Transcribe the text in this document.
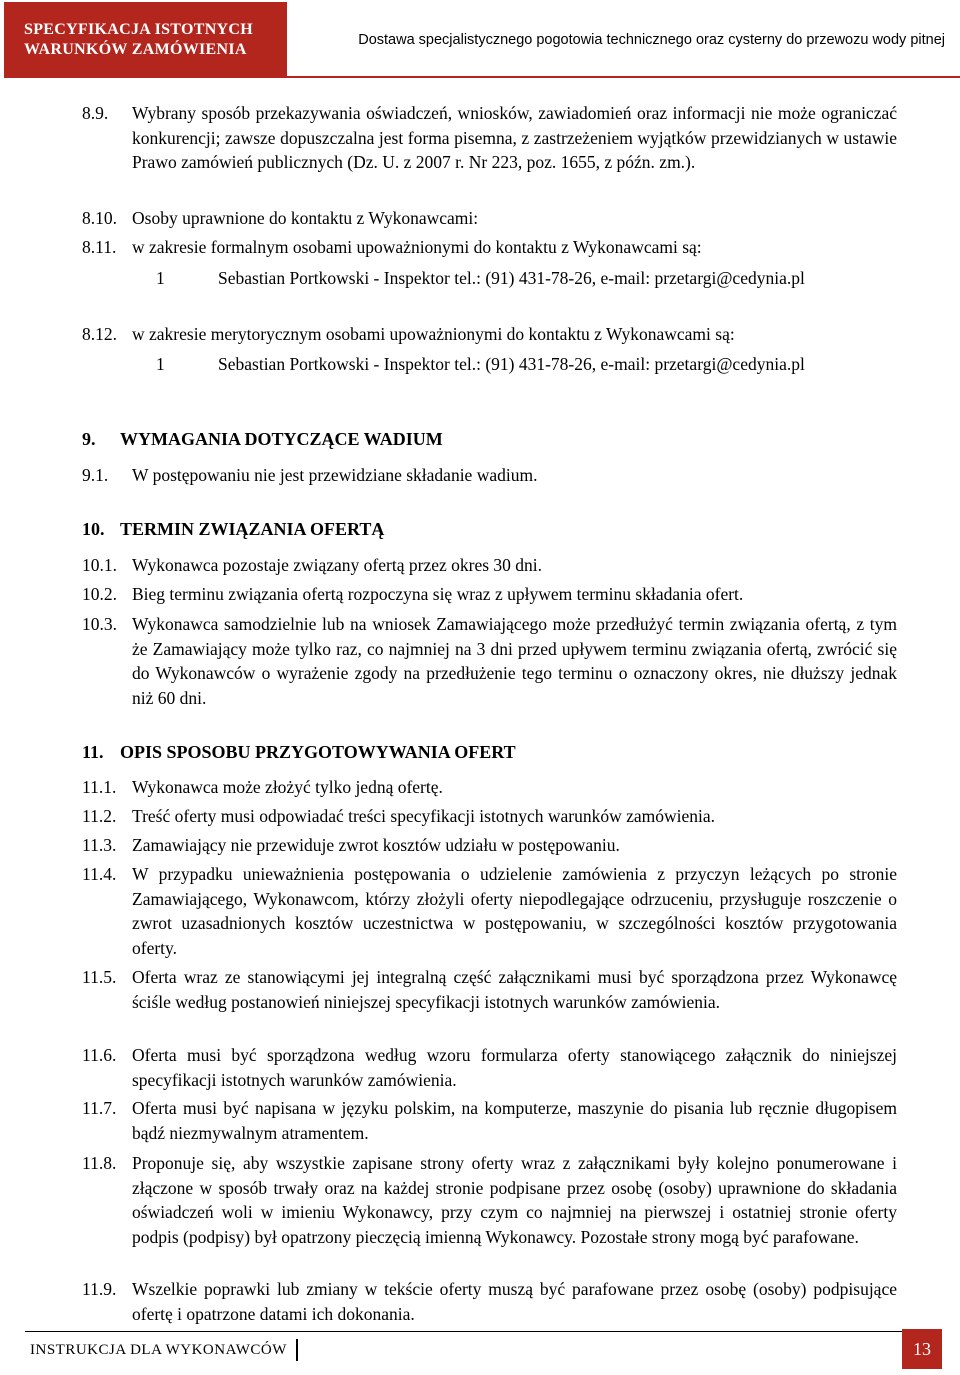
SPECYFIKACJA ISTOTNYCH
WARUNKÓW ZAMÓWIENIA
Dostawa specjalistycznego pogotowia technicznego oraz cysterny do przewozu wody pitnej
8.9. Wybrany sposób przekazywania oświadczeń, wniosków, zawiadomień oraz informacji nie może ograniczać konkurencji; zawsze dopuszczalna jest forma pisemna, z zastrzeżeniem wyjątków przewidzianych w ustawie Prawo zamówień publicznych (Dz. U. z 2007 r. Nr 223, poz. 1655, z późn. zm.).
8.10. Osoby uprawnione do kontaktu z Wykonawcami:
8.11. w zakresie formalnym osobami upoważnionymi do kontaktu z Wykonawcami są:
1	Sebastian Portkowski - Inspektor tel.: (91) 431-78-26, e-mail: przetargi@cedynia.pl
8.12. w zakresie merytorycznym osobami upoważnionymi do kontaktu z Wykonawcami są:
1	Sebastian Portkowski - Inspektor tel.: (91) 431-78-26, e-mail: przetargi@cedynia.pl
9. WYMAGANIA DOTYCZĄCE WADIUM
9.1. W postępowaniu nie jest przewidziane składanie wadium.
10. TERMIN ZWIĄZANIA OFERTĄ
10.1. Wykonawca pozostaje związany ofertą przez okres 30 dni.
10.2. Bieg terminu związania ofertą rozpoczyna się wraz z upływem terminu składania ofert.
10.3. Wykonawca samodzielnie lub na wniosek Zamawiającego może przedłużyć termin związania ofertą, z tym że Zamawiający może tylko raz, co najmniej na 3 dni przed upływem terminu związania ofertą, zwrócić się do Wykonawców o wyrażenie zgody na przedłużenie tego terminu o oznaczony okres, nie dłuższy jednak niż 60 dni.
11. OPIS SPOSOBU PRZYGOTOWYWANIA OFERT
11.1. Wykonawca może złożyć tylko jedną ofertę.
11.2. Treść oferty musi odpowiadać treści specyfikacji istotnych warunków zamówienia.
11.3. Zamawiający nie przewiduje zwrot kosztów udziału w postępowaniu.
11.4. W przypadku unieważnienia postępowania o udzielenie zamówienia z przyczyn leżących po stronie Zamawiającego, Wykonawcom, którzy złożyli oferty niepodlegające odrzuceniu, przysługuje roszczenie o zwrot uzasadnionych kosztów uczestnictwa w postępowaniu, w szczególności kosztów przygotowania oferty.
11.5. Oferta wraz ze stanowiącymi jej integralną część załącznikami musi być sporządzona przez Wykonawcę ściśle według postanowień niniejszej specyfikacji istotnych warunków zamówienia.
11.6. Oferta musi być sporządzona według wzoru formularza oferty stanowiącego załącznik do niniejszej specyfikacji istotnych warunków zamówienia.
11.7. Oferta musi być napisana w języku polskim, na komputerze, maszynie do pisania lub ręcznie długopisem bądź niezmywalnym atramentem.
11.8. Proponuje się, aby wszystkie zapisane strony oferty wraz z załącznikami były kolejno ponumerowane i złączone w sposób trwały oraz na każdej stronie podpisane przez osobę (osoby) uprawnione do składania oświadczeń woli w imieniu Wykonawcy, przy czym co najmniej na pierwszej i ostatniej stronie oferty podpis (podpisy) był opatrzony pieczęcią imienną Wykonawcy. Pozostałe strony mogą być parafowane.
11.9. Wszelkie poprawki lub zmiany w tekście oferty muszą być parafowane przez osobę (osoby) podpisujące ofertę i opatrzone datami ich dokonania.
INSTRUKCJA DLA WYKONAWCÓW	13
